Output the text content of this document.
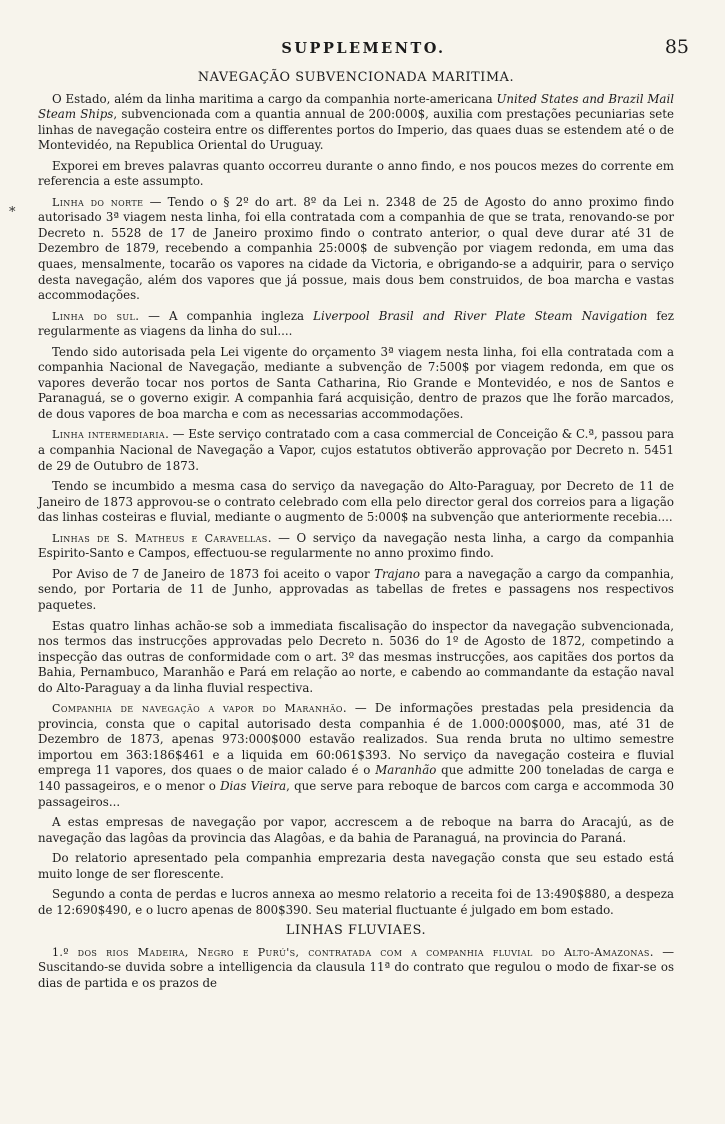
SUPPLEMENTO.	85
*
NAVEGAÇÃO SUBVENCIONADA MARITIMA.

O Estado, além da linha maritima a cargo da companhia norte-americana United States and Brazil Mail Steam Ships, subvencionada com a quantia annual de 200:000$, auxilia com prestações pecuniarias sete linhas de navegação costeira entre os differentes portos do Imperio, das quaes duas se estendem até o de Montevidéo, na Republica Oriental do Uruguay.

Exporei em breves palavras quanto occorreu durante o anno findo, e nos poucos mezes do corrente em referencia a este assumpto.

Linha do norte — Tendo o § 2º do art. 8º da Lei n. 2348 de 25 de Agosto do anno proximo findo autorisado 3ª viagem nesta linha, foi ella contratada com a companhia de que se trata, renovando-se por Decreto n. 5528 de 17 de Janeiro proximo findo o contrato anterior, o qual deve durar até 31 de Dezembro de 1879, recebendo a companhia 25:000$ de subvenção por viagem redonda, em uma das quaes, mensalmente, tocarão os vapores na cidade da Victoria, e obrigando-se a adquirir, para o serviço desta navegação, além dos vapores que já possue, mais dous bem construidos, de boa marcha e vastas accommodações.

Linha do sul. — A companhia ingleza Liverpool Brasil and River Plate Steam Navigation fez regularmente as viagens da linha do sul....

Tendo sido autorisada pela Lei vigente do orçamento 3ª viagem nesta linha, foi ella contratada com a companhia Nacional de Navegação, mediante a subvenção de 7:500$ por viagem redonda, em que os vapores deverão tocar nos portos de Santa Catharina, Rio Grande e Montevidéo, e nos de Santos e Paranaguá, se o governo exigir. A companhia fará acquisição, dentro de prazos que lhe forão marcados, de dous vapores de boa marcha e com as necessarias accommodações.

Linha intermediaria. — Este serviço contratado com a casa commercial de Conceição & C.ª, passou para a companhia Nacional de Navegação a Vapor, cujos estatutos obtiverão approvação por Decreto n. 5451 de 29 de Outubro de 1873.

Tendo se incumbido a mesma casa do serviço da navegação do Alto-Paraguay, por Decreto de 11 de Janeiro de 1873 approvou-se o contrato celebrado com ella pelo director geral dos correios para a ligação das linhas costeiras e fluvial, mediante o augmento de 5:000$ na subvenção que anteriormente recebia....

Linhas de S. Matheus e Caravellas. — O serviço da navegação nesta linha, a cargo da companhia Espirito-Santo e Campos, effectuou-se regularmente no anno proximo findo.

Por Aviso de 7 de Janeiro de 1873 foi aceito o vapor Trajano para a navegação a cargo da companhia, sendo, por Portaria de 11 de Junho, approvadas as tabellas de fretes e passagens nos respectivos paquetes.

Estas quatro linhas achão-se sob a immediata fiscalisação do inspector da navegação subvencionada, nos termos das instrucções approvadas pelo Decreto n. 5036 do 1º de Agosto de 1872, competindo a inspecção das outras de conformidade com o art. 3º das mesmas instrucções, aos capitães dos portos da Bahia, Pernambuco, Maranhão e Pará em relação ao norte, e cabendo ao commandante da estação naval do Alto-Paraguay a da linha fluvial respectiva.

Companhia de navegação a vapor do Maranhão. — De informações prestadas pela presidencia da provincia, consta que o capital autorisado desta companhia é de 1.000:000$000, mas, até 31 de Dezembro de 1873, apenas 973:000$000 estavão realizados. Sua renda bruta no ultimo semestre importou em 363:186$461 e a liquida em 60:061$393. No serviço da navegação costeira e fluvial emprega 11 vapores, dos quaes o de maior calado é o Maranhão que admitte 200 toneladas de carga e 140 passageiros, e o menor o Dias Vieira, que serve para reboque de barcos com carga e accommoda 30 passageiros...

A estas empresas de navegação por vapor, accrescem a de reboque na barra do Aracajú, as de navegação das lagôas da provincia das Alagôas, e da bahia de Paranaguá, na provincia do Paraná.

Do relatorio apresentado pela companhia emprezaria desta navegação consta que seu estado está muito longe de ser florescente.

Segundo a conta de perdas e lucros annexa ao mesmo relatorio a receita foi de 13:490$880, a despeza de 12:690$490, e o lucro apenas de 800$390. Seu material fluctuante é julgado em bom estado.

LINHAS FLUVIAES.

1.º dos rios Madeira, Negro e Purú's, contratada com a companhia fluvial do Alto-Amazonas. — Suscitando-se duvida sobre a intelligencia da clausula 11ª do contrato que regulou o modo de fixar-se os dias de partida e os prazos de
